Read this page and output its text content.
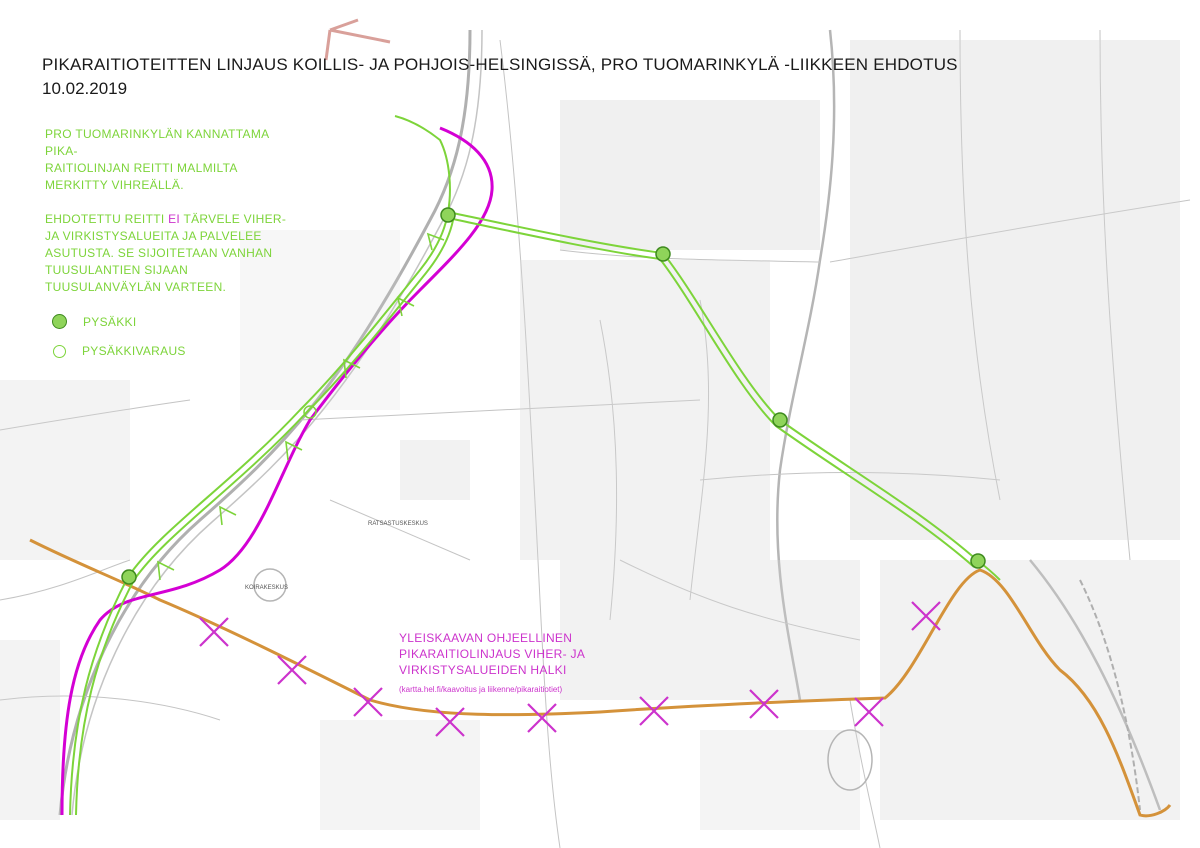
PIKARAITIOTEITTEN LINJAUS KOILLIS- JA POHJOIS-HELSINGISSÄ, PRO TUOMARINKYLÄ -LIIKKEEN EHDOTUS
10.02.2019
PRO TUOMARINKYLÄN KANNATTAMA
PIKA-
RAITIOLINJAN REITTI MALMILTA
MERKITTY VIHREÄLLÄ.
EHDOTETTU REITTI EI TÄRVELE VIHER-
JA VIRKISTYSALUEITA JA PALVELEE
ASUTUSTA. SE SIJOITETAAN VANHAN
TUUSULANTIEN SIJAAN
TUUSULANVÄYLÄN VARTEEN.
PYSÄKKI
PYSÄKKIVARAUS
YLEISKAAVAN OHJEELLINEN
PIKARAITIOLINJAUS VIHER- JA
VIRKISTYSALUEIDEN HALKI
(kartta.hel.fi/kaavoitus ja liikenne/pikaraitiotiet)
RATSASTUSKESKUS
KOIRAKESKUS
